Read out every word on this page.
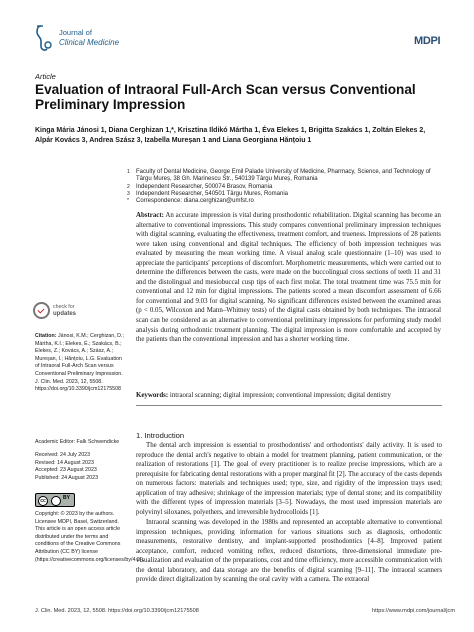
Journal of
Clinical Medicine	MDPI
Article
Evaluation of Intraoral Full-Arch Scan versus Conventional Preliminary Impression
Kinga Mária Jánosi 1, Diana Cerghizan 1,*, Krisztina Ildikó Mártha 1, Éva Elekes 1, Brigitta Szakács 1, Zoltán Elekes 2, Alpár Kovács 3, Andrea Szász 3, Izabella Mureșan 1 and Liana Georgiana Hănțoiu 1
1 Faculty of Dental Medicine, George Emil Palade University of Medicine, Pharmacy, Science, and Technology of Târgu Mureș, 38 Gh. Marinescu Str., 540139 Târgu Mureș, Romania
2 Independent Researcher, 500074 Brasov, Romania
3 Independent Researcher, 540501 Târgu Mures, Romania
* Correspondence: diana.cerghizan@umfst.ro
Abstract: An accurate impression is vital during prosthodontic rehabilitation. Digital scanning has become an alternative to conventional impressions. This study compares conventional preliminary impression techniques with digital scanning, evaluating the effectiveness, treatment comfort, and trueness. Impressions of 28 patients were taken using conventional and digital techniques. The efficiency of both impression techniques was evaluated by measuring the mean working time. A visual analog scale questionnaire (1–10) was used to appreciate the participants' perceptions of discomfort. Morphometric measurements, which were carried out to determine the differences between the casts, were made on the buccolingual cross sections of teeth 11 and 31 and the distolingual and mesiobuccal cusp tips of each first molar. The total treatment time was 75.5 min for conventional and 12 min for digital impressions. The patients scored a mean discomfort assessment of 6.66 for conventional and 9.03 for digital scanning. No significant differences existed between the examined areas (p < 0.05, Wilcoxon and Mann–Whitney tests) of the digital casts obtained by both techniques. The intraoral scan can be considered as an alternative to conventional preliminary impressions for performing study model analysis during orthodontic treatment planning. The digital impression is more comfortable and accepted by the patients than the conventional impression and has a shorter working time.
Keywords: intraoral scanning; digital impression; conventional impression; digital dentistry
check for
updates
Citation: Jánosi, K.M.; Cerghizan, D.; Mártha, K.I.; Elekes, É.; Szakács, B.; Elekes, Z.; Kovács, A.; Szász, A.; Mureșan, I.; Hănțoiu, L.G. Evaluation of Intraoral Full-Arch Scan versus Conventional Preliminary Impression. J. Clin. Med. 2023, 12, 5508. https://doi.org/10.3390/jcm12175508
Academic Editor: Falk Schwendicke
Received: 24 July 2023
Revised: 14 August 2023
Accepted: 23 August 2023
Published: 24 August 2023
cc	BY
Copyright: © 2023 by the authors. Licensee MDPI, Basel, Switzerland. This article is an open access article distributed under the terms and conditions of the Creative Commons Attribution (CC BY) license (https://creativecommons.org/licenses/by/4.0/).
1. Introduction
The dental arch impression is essential to prosthodontists' and orthodontists' daily activity. It is used to reproduce the dental arch's negative to obtain a model for treatment planning, patient communication, or the realization of restorations [1]. The goal of every practitioner is to realize precise impressions, which are a prerequisite for fabricating dental restorations with a proper marginal fit [2]. The accuracy of the casts depends on numerous factors: materials and techniques used; type, size, and rigidity of the impression trays used; application of tray adhesive; shrinkage of the impression materials; type of dental stone; and its compatibility with the different types of impression materials [3–5]. Nowadays, the most used impression materials are polyvinyl siloxanes, polyethers, and irreversible hydrocolloids [1].
Intraoral scanning was developed in the 1980s and represented an acceptable alternative to conventional impression techniques, providing information for various situations such as diagnosis, orthodontic measurements, restorative dentistry, and implant-supported prosthodontics [4–8]. Improved patient acceptance, comfort, reduced vomiting reflex, reduced distortions, three-dimensional immediate pre-visualization and evaluation of the preparations, cost and time efficiency, more accessible communication with the dental laboratory, and data storage are the benefits of digital scanning [9–11]. The intraoral scanners provide direct digitalization by scanning the oral cavity with a camera. The extraoral
J. Clin. Med. 2023, 12, 5508. https://doi.org/10.3390/jcm12175508	https://www.mdpi.com/journal/jcm
